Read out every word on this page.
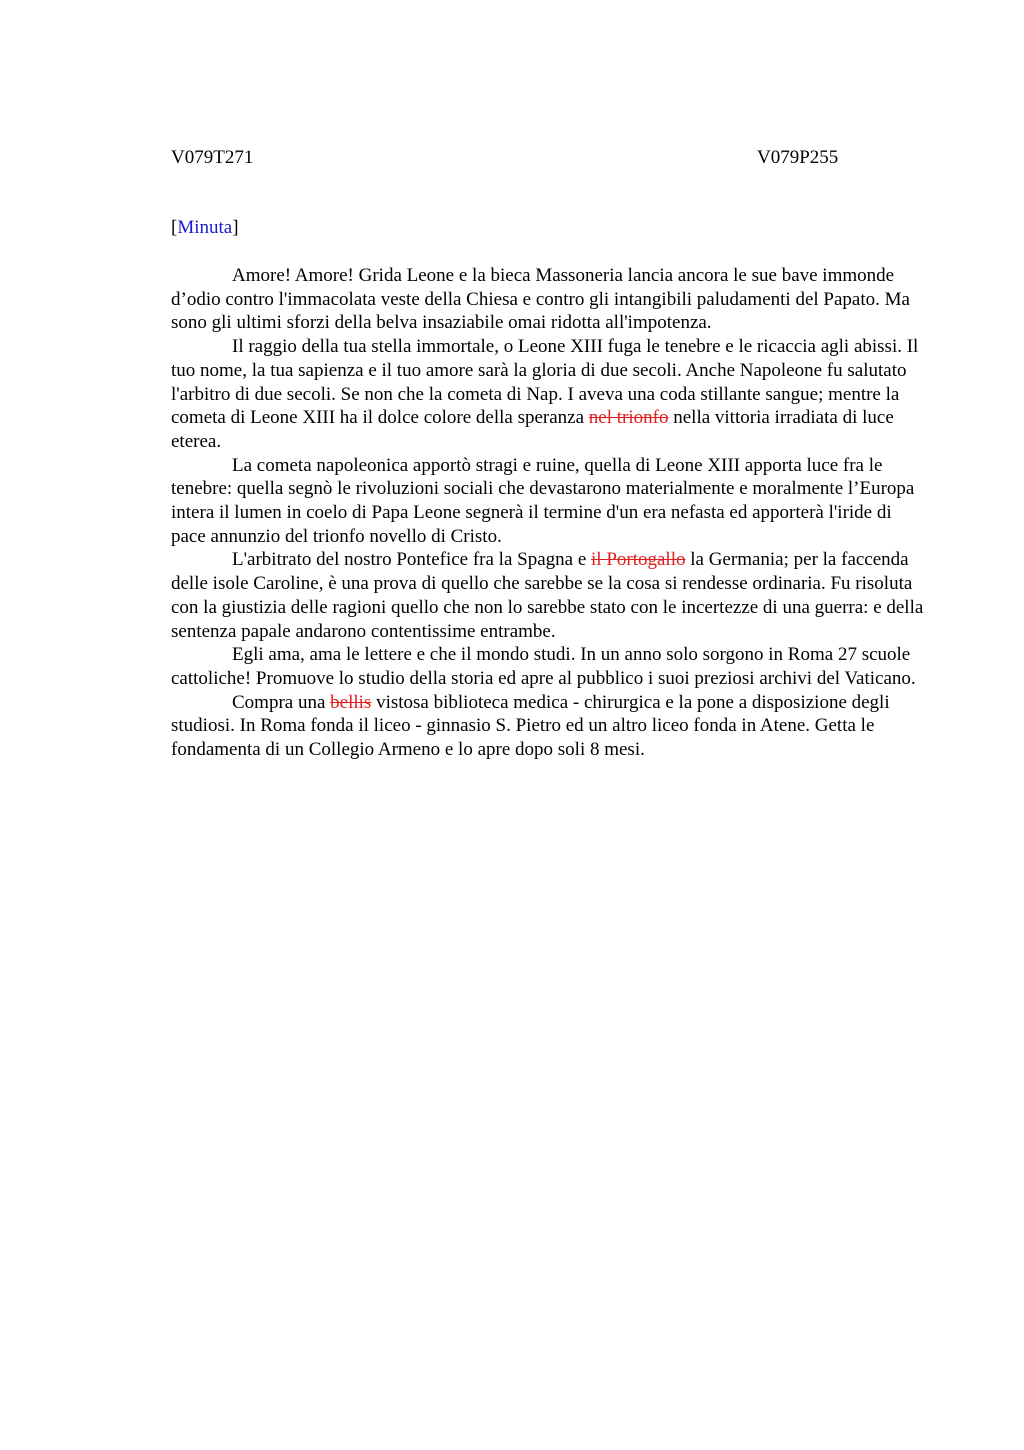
V079T271	V079P255
[Minuta]

Amore! Amore! Grida Leone e la bieca Massoneria lancia ancora le sue bave immonde d’odio contro l'immacolata veste della Chiesa e contro gli intangibili paludamenti del Papato. Ma sono gli ultimi sforzi della belva insaziabile omai ridotta all'impotenza.

Il raggio della tua stella immortale, o Leone XIII fuga le tenebre e le ricaccia agli abissi. Il tuo nome, la tua sapienza e il tuo amore sarà la gloria di due secoli. Anche Napoleone fu salutato l'arbitro di due secoli. Se non che la cometa di Nap. I aveva una coda stillante sangue; mentre la cometa di Leone XIII ha il dolce colore della speranza nel trionfo nella vittoria irradiata di luce eterea.

La cometa napoleonica apportò stragi e ruine, quella di Leone XIII apporta luce fra le tenebre: quella segnò le rivoluzioni sociali che devastarono materialmente e moralmente l’Europa intera il lumen in coelo di Papa Leone segnerà il termine d'un era nefasta ed apporterà l'iride di pace annunzio del trionfo novello di Cristo.

L'arbitrato del nostro Pontefice fra la Spagna e il Portogallo la Germania; per la faccenda delle isole Caroline, è una prova di quello che sarebbe se la cosa si rendesse ordinaria. Fu risoluta con la giustizia delle ragioni quello che non lo sarebbe stato con le incertezze di una guerra: e della sentenza papale andarono contentissime entrambe.

Egli ama, ama le lettere e che il mondo studi. In un anno solo sorgono in Roma 27 scuole cattoliche! Promuove lo studio della storia ed apre al pubblico i suoi preziosi archivi del Vaticano.

Compra una bellis vistosa biblioteca medica - chirurgica e la pone a disposizione degli studiosi. In Roma fonda il liceo - ginnasio S. Pietro ed un altro liceo fonda in Atene. Getta le fondamenta di un Collegio Armeno e lo apre dopo soli 8 mesi.
